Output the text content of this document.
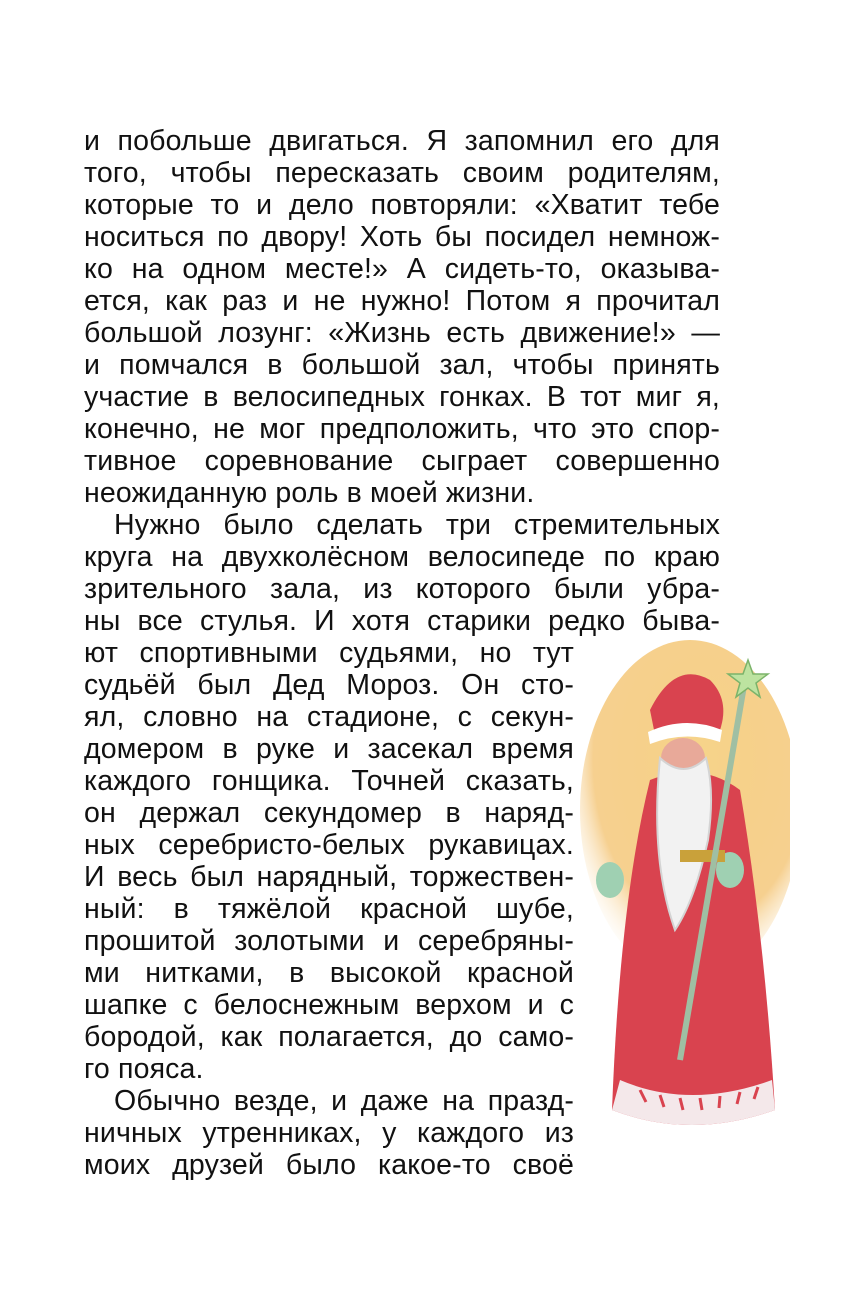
и побольше двигаться. Я запомнил его для
того, чтобы пересказать своим родителям,
которые то и дело повторяли: «Хватит тебе
носиться по двору! Хоть бы посидел немнож-
ко на одном месте!» А сидеть-то, оказыва-
ется, как раз и не нужно! Потом я прочитал
большой лозунг: «Жизнь есть движение!» —
и помчался в большой зал, чтобы принять
участие в велосипедных гонках. В тот миг я,
конечно, не мог предположить, что это спор-
тивное соревнование сыграет совершенно
неожиданную роль в моей жизни.
Нужно было сделать три стремительных
круга на двухколёсном велосипеде по краю
зрительного зала, из которого были убра-
ны все стулья. И хотя старики редко быва-
ют спортивными судьями, но тут
судьёй был Дед Мороз. Он сто-
ял, словно на стадионе, с секун-
домером в руке и засекал время
каждого гонщика. Точней сказать,
он держал секундомер в наряд-
ных серебристо-белых рукавицах.
И весь был нарядный, торжествен-
ный: в тяжёлой красной шубе,
прошитой золотыми и серебряны-
ми нитками, в высокой красной
шапке с белоснежным верхом и с
бородой, как полагается, до само-
го пояса.
Обычно везде, и даже на празд-
ничных утренниках, у каждого из
моих друзей было какое-то своё
